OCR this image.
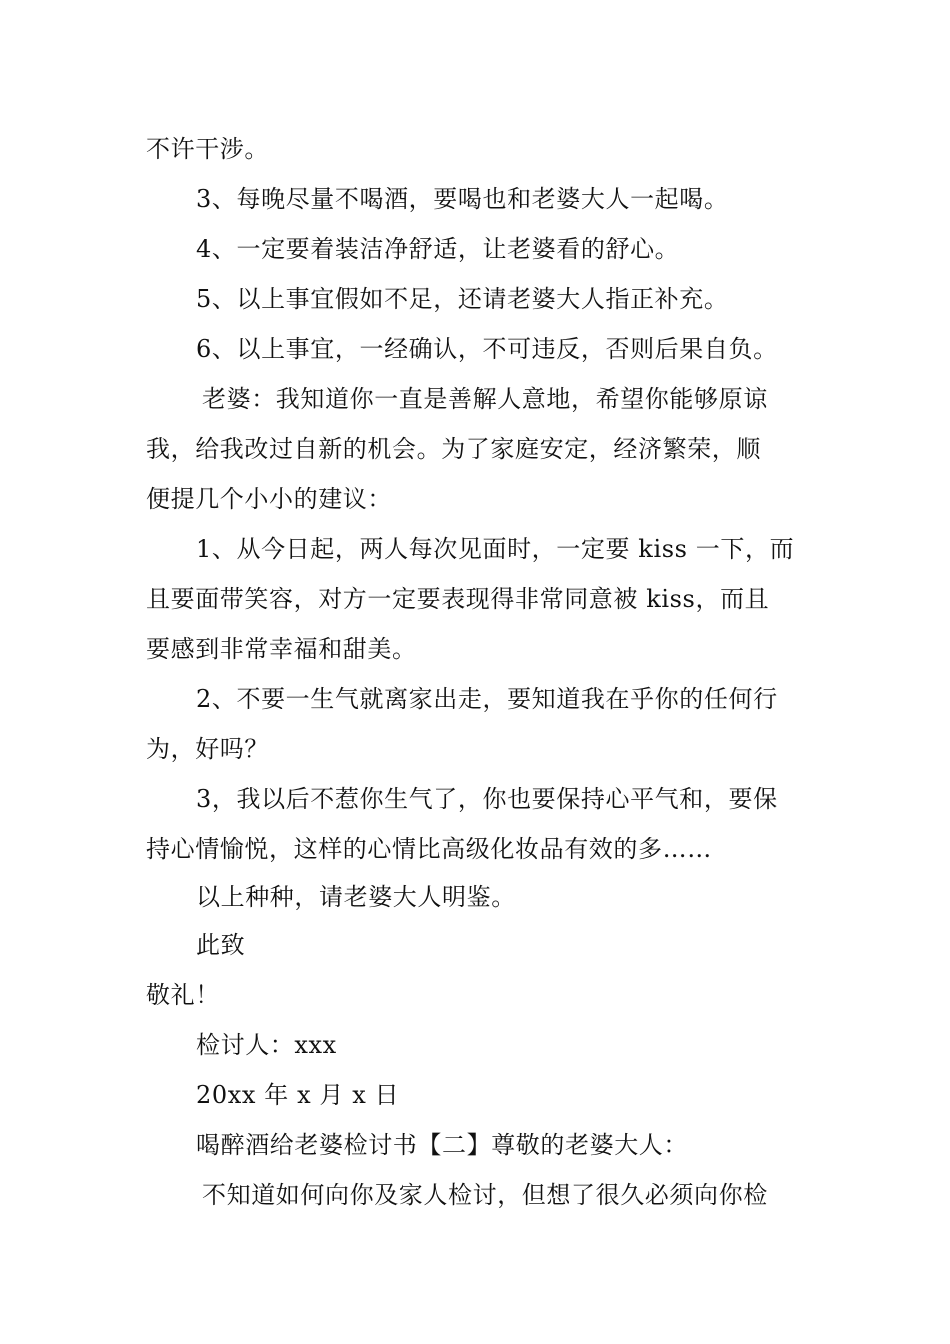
不许干涉。
3、每晚尽量不喝酒，要喝也和老婆大人一起喝。
4、一定要着装洁净舒适，让老婆看的舒心。
5、以上事宜假如不足，还请老婆大人指正补充。
6、以上事宜，一经确认，不可违反，否则后果自负。
老婆：我知道你一直是善解人意地，希望你能够原谅
我，给我改过自新的机会。为了家庭安定，经济繁荣，顺
便提几个小小的建议：
1、从今日起，两人每次见面时，一定要 kiss 一下，而
且要面带笑容，对方一定要表现得非常同意被 kiss，而且
要感到非常幸福和甜美。
2、不要一生气就离家出走，要知道我在乎你的任何行
为，好吗？
3，我以后不惹你生气了，你也要保持心平气和，要保
持心情愉悦，这样的心情比高级化妆品有效的多……
以上种种，请老婆大人明鉴。
此致
敬礼！
检讨人：xxx
20xx 年 x 月 x 日
喝醉酒给老婆检讨书【二】尊敬的老婆大人：
不知道如何向你及家人检讨，但想了很久必须向你检
